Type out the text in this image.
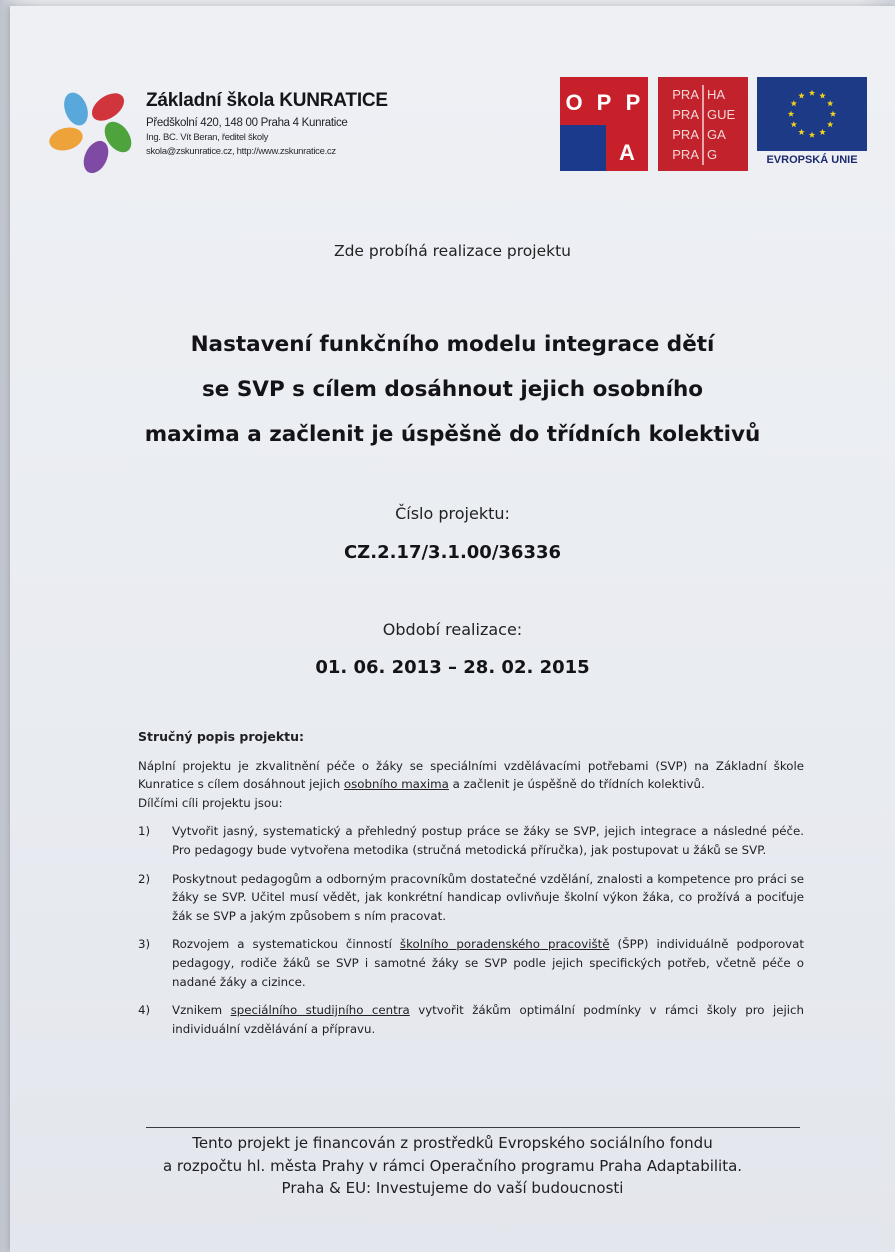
Základní škola KUNRATICE
Předškolní 420, 148 00 Praha 4 Kunratice
Ing. BC. Vít Beran, ředitel školy
skola@zskunratice.cz, http://www.zskunratice.cz
O P P
A
PRA HA
PRA GUE
PRA GA
PRA G	EVROPSKÁ UNIE
Zde probíhá realizace projektu
Nastavení funkčního modelu integrace dětí
se SVP s cílem dosáhnout jejich osobního
maxima a začlenit je úspěšně do třídních kolektivů
Číslo projektu:
CZ.2.17/3.1.00/36336
Období realizace:
01. 06. 2013 – 28. 02. 2015
Stručný popis projektu:
Náplní projektu je zkvalitnění péče o žáky se speciálními vzdělávacími potřebami (SVP) na Základní škole Kunratice s cílem dosáhnout jejich osobního maxima a začlenit je úspěšně do třídních kolektivů.
Dílčími cíli projektu jsou:
1)	Vytvořit jasný, systematický a přehledný postup práce se žáky se SVP, jejich integrace a následné péče. Pro pedagogy bude vytvořena metodika (stručná metodická příručka), jak postupovat u žáků se SVP.
2)	Poskytnout pedagogům a odborným pracovníkům dostatečné vzdělání, znalosti a kompetence pro práci se žáky se SVP. Učitel musí vědět, jak konkrétní handicap ovlivňuje školní výkon žáka, co prožívá a pociťuje žák se SVP a jakým způsobem s ním pracovat.
3)	Rozvojem a systematickou činností školního poradenského pracoviště (ŠPP) individuálně podporovat pedagogy, rodiče žáků se SVP i samotné žáky se SVP podle jejich specifických potřeb, včetně péče o nadané žáky a cizince.
4)	Vznikem speciálního studijního centra vytvořit žákům optimální podmínky v rámci školy pro jejich individuální vzdělávání a přípravu.
Tento projekt je financován z prostředků Evropského sociálního fondu
a rozpočtu hl. města Prahy v rámci Operačního programu Praha Adaptabilita.
Praha & EU: Investujeme do vaší budoucnosti
